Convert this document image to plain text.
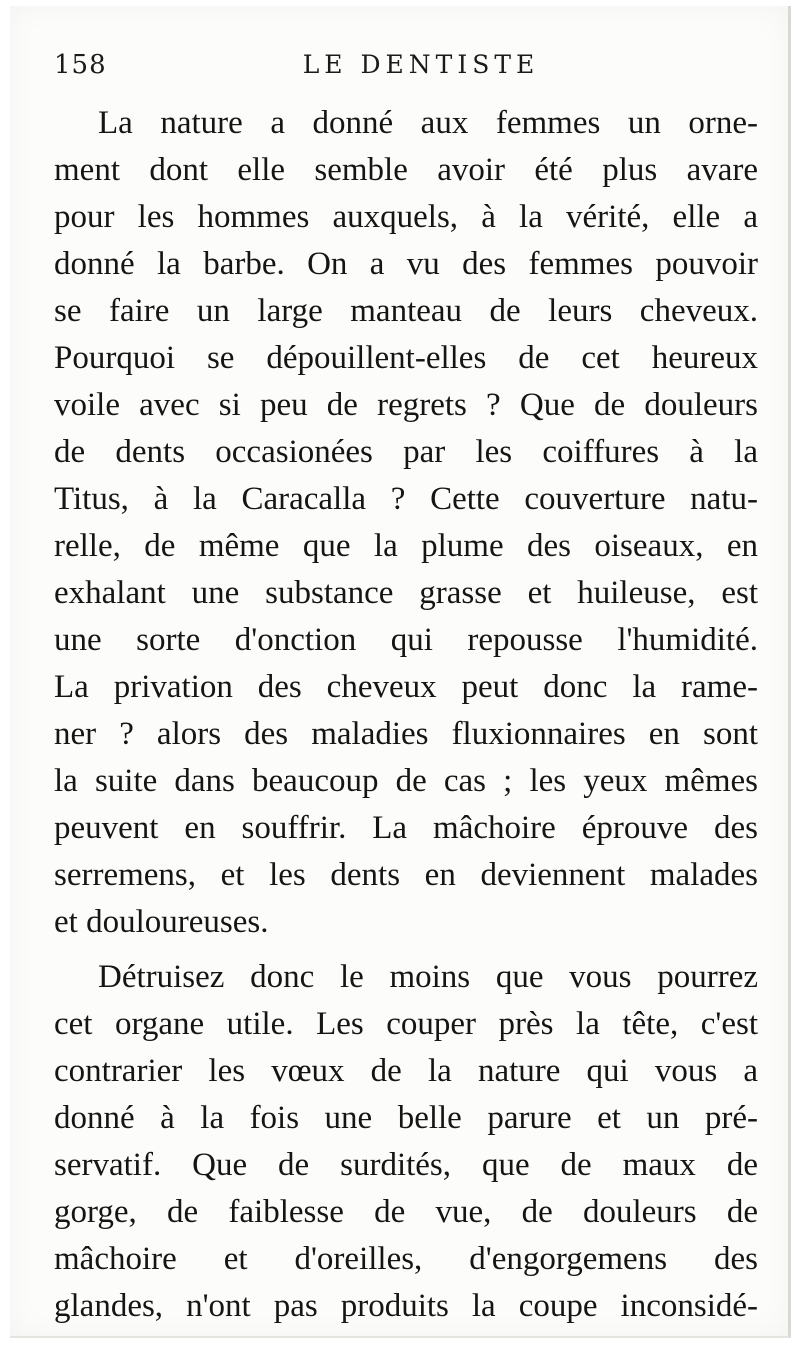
158	LE DENTISTE
La nature a donné aux femmes un orne-
ment dont elle semble avoir été plus avare
pour les hommes auxquels, à la vérité, elle a
donné la barbe. On a vu des femmes pouvoir
se faire un large manteau de leurs cheveux.
Pourquoi se dépouillent-elles de cet heureux
voile avec si peu de regrets ? Que de douleurs
de dents occasionées par les coiffures à la
Titus, à la Caracalla ? Cette couverture natu-
relle, de même que la plume des oiseaux, en
exhalant une substance grasse et huileuse, est
une sorte d'onction qui repousse l'humidité.
La privation des cheveux peut donc la rame-
ner ? alors des maladies fluxionnaires en sont
la suite dans beaucoup de cas ; les yeux mêmes
peuvent en souffrir. La mâchoire éprouve des
serremens, et les dents en deviennent malades
et douloureuses.
Détruisez donc le moins que vous pourrez
cet organe utile. Les couper près la tête, c'est
contrarier les vœux de la nature qui vous a
donné à la fois une belle parure et un pré-
servatif. Que de surdités, que de maux de
gorge, de faiblesse de vue, de douleurs de
mâchoire et d'oreilles, d'engorgemens des
glandes, n'ont pas produits la coupe inconsidé-
